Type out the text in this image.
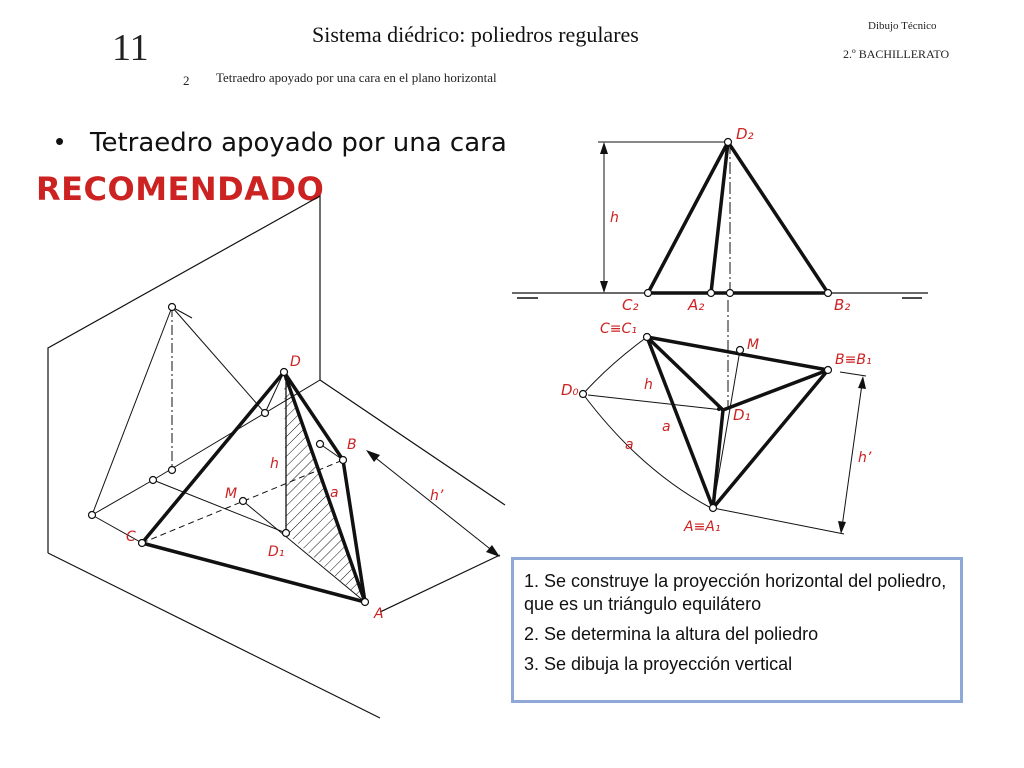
11	Sistema diédrico: poliedros regulares	Dibujo Técnico
2.º BACHILLERATO
2 Tetraedro apoyado por una cara en el plano horizontal
• Tetraedro apoyado por una cara
RECOMENDADO
D
B
h
M	a	h’
C
D₁
A
D₂
h
C₂	A₂	B₂
C≡C₁
M
B≡B₁
h
D₀
D₁
a
a
h’
A≡A₁
1. Se construye la proyección horizontal del poliedro, que es un triángulo equilátero
2. Se determina la altura del poliedro
3. Se dibuja la proyección vertical
